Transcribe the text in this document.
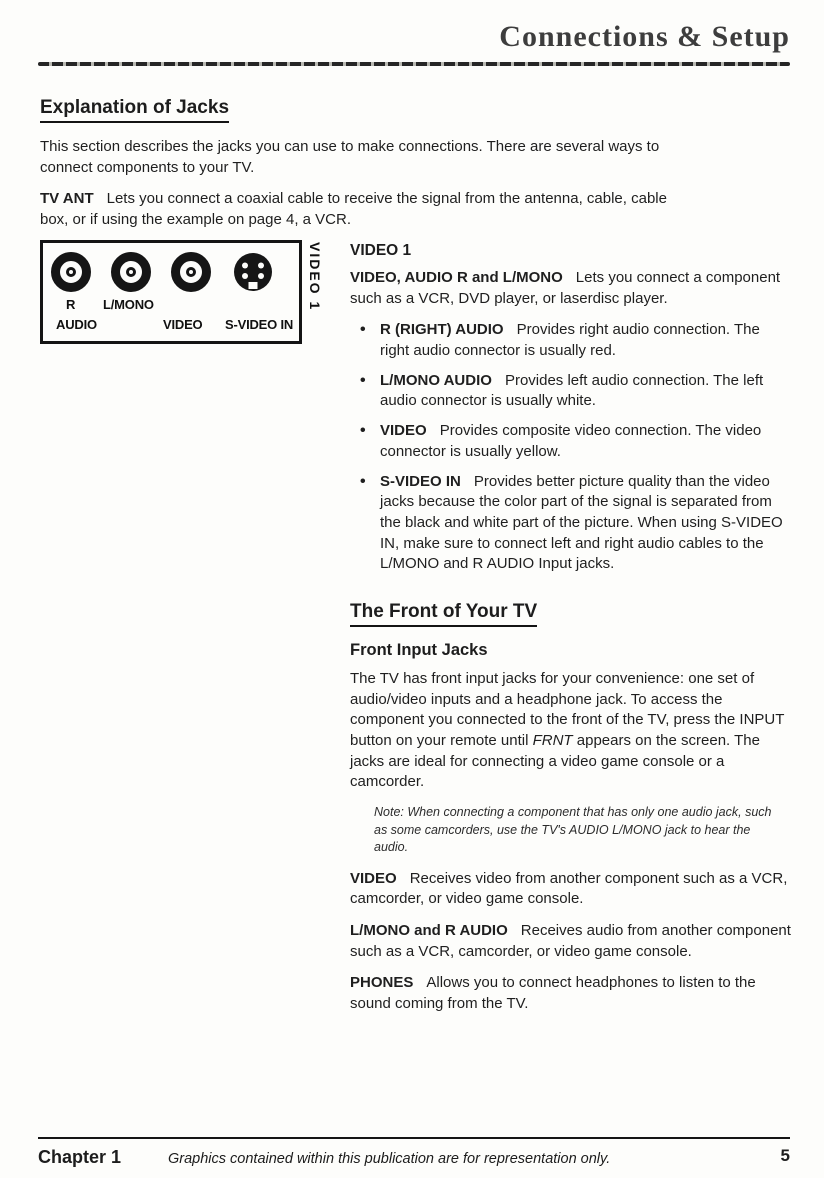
Connections & Setup
Explanation of Jacks

This section describes the jacks you can use to make connections. There are several ways to connect components to your TV.

TV ANT Lets you connect a coaxial cable to receive the signal from the antenna, cable, cable box, or if using the example on page 4, a VCR.

R L/MONO
AUDIO	VIDEO S-VIDEO IN
VIDEO 1 VIDEO 1

VIDEO, AUDIO R and L/MONO Lets you connect a component such as a VCR, DVD player, or laserdisc player.

• R (RIGHT) AUDIO Provides right audio connection. The right audio connector is usually red.
• L/MONO AUDIO Provides left audio connection. The left audio connector is usually white.
• VIDEO Provides composite video connection. The video connector is usually yellow.
• S-VIDEO IN Provides better picture quality than the video jacks because the color part of the signal is separated from the black and white part of the picture. When using S-VIDEO IN, make sure to connect left and right audio cables to the L/MONO and R AUDIO Input jacks.
The Front of Your TV
Front Input Jacks

The TV has front input jacks for your convenience: one set of audio/video inputs and a headphone jack. To access the component you connected to the front of the TV, press the INPUT button on your remote until FRNT appears on the screen. The jacks are ideal for connecting a video game console or a camcorder.

Note: When connecting a component that has only one audio jack, such as some camcorders, use the TV's AUDIO L/MONO jack to hear the audio.

VIDEO Receives video from another component such as a VCR, camcorder, or video game console.

L/MONO and R AUDIO Receives audio from another component such as a VCR, camcorder, or video game console.

PHONES Allows you to connect headphones to listen to the sound coming from the TV.

Chapter 1	Graphics contained within this publication are for representation only.	5
